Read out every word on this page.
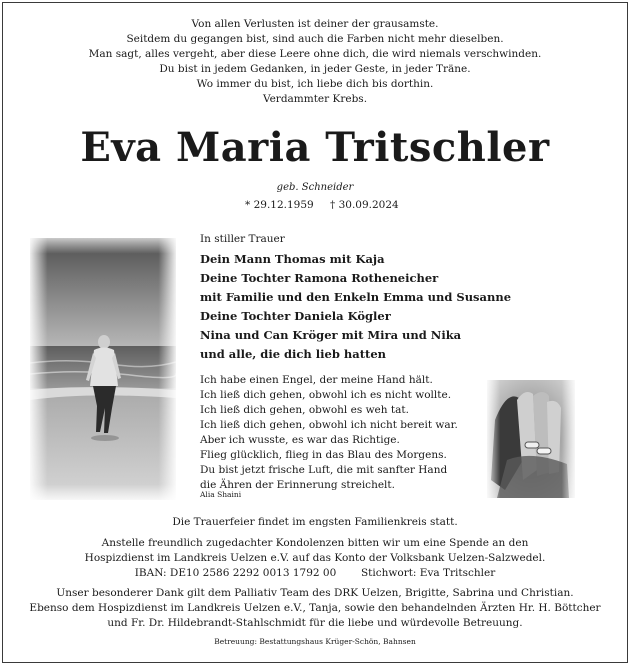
Von allen Verlusten ist deiner der grausamste.
Seitdem du gegangen bist, sind auch die Farben nicht mehr dieselben.
Man sagt, alles vergeht, aber diese Leere ohne dich, die wird niemals verschwinden.
Du bist in jedem Gedanken, in jeder Geste, in jeder Träne.
Wo immer du bist, ich liebe dich bis dorthin.
Verdammter Krebs.
Eva Maria Tritschler
geb. Schneider
* 29.12.1959 † 30.09.2024
In stiller Trauer
Dein Mann Thomas mit Kaja
Deine Tochter Ramona Rotheneicher
mit Familie und den Enkeln Emma und Susanne
Deine Tochter Daniela Kögler
Nina und Can Kröger mit Mira und Nika
und alle, die dich lieb hatten
Ich habe einen Engel, der meine Hand hält.
Ich ließ dich gehen, obwohl ich es nicht wollte.
Ich ließ dich gehen, obwohl es weh tat.
Ich ließ dich gehen, obwohl ich nicht bereit war.
Aber ich wusste, es war das Richtige.
Flieg glücklich, flieg in das Blau des Morgens.
Du bist jetzt frische Luft, die mit sanfter Hand
die Ähren der Erinnerung streichelt.
Alia Shaini
Die Trauerfeier findet im engsten Familienkreis statt.
Anstelle freundlich zugedachter Kondolenzen bitten wir um eine Spende an den
Hospizdienst im Landkreis Uelzen e.V. auf das Konto der Volksbank Uelzen-Salzwedel.
IBAN: DE10 2586 2292 0013 1792 00 Stichwort: Eva Tritschler
Unser besonderer Dank gilt dem Palliativ Team des DRK Uelzen, Brigitte, Sabrina und Christian.
Ebenso dem Hospizdienst im Landkreis Uelzen e.V., Tanja, sowie den behandelnden Ärzten Hr. H. Böttcher
und Fr. Dr. Hildebrandt-Stahlschmidt für die liebe und würdevolle Betreuung.
Betreuung: Bestattungshaus Krüger-Schön, Bahnsen
